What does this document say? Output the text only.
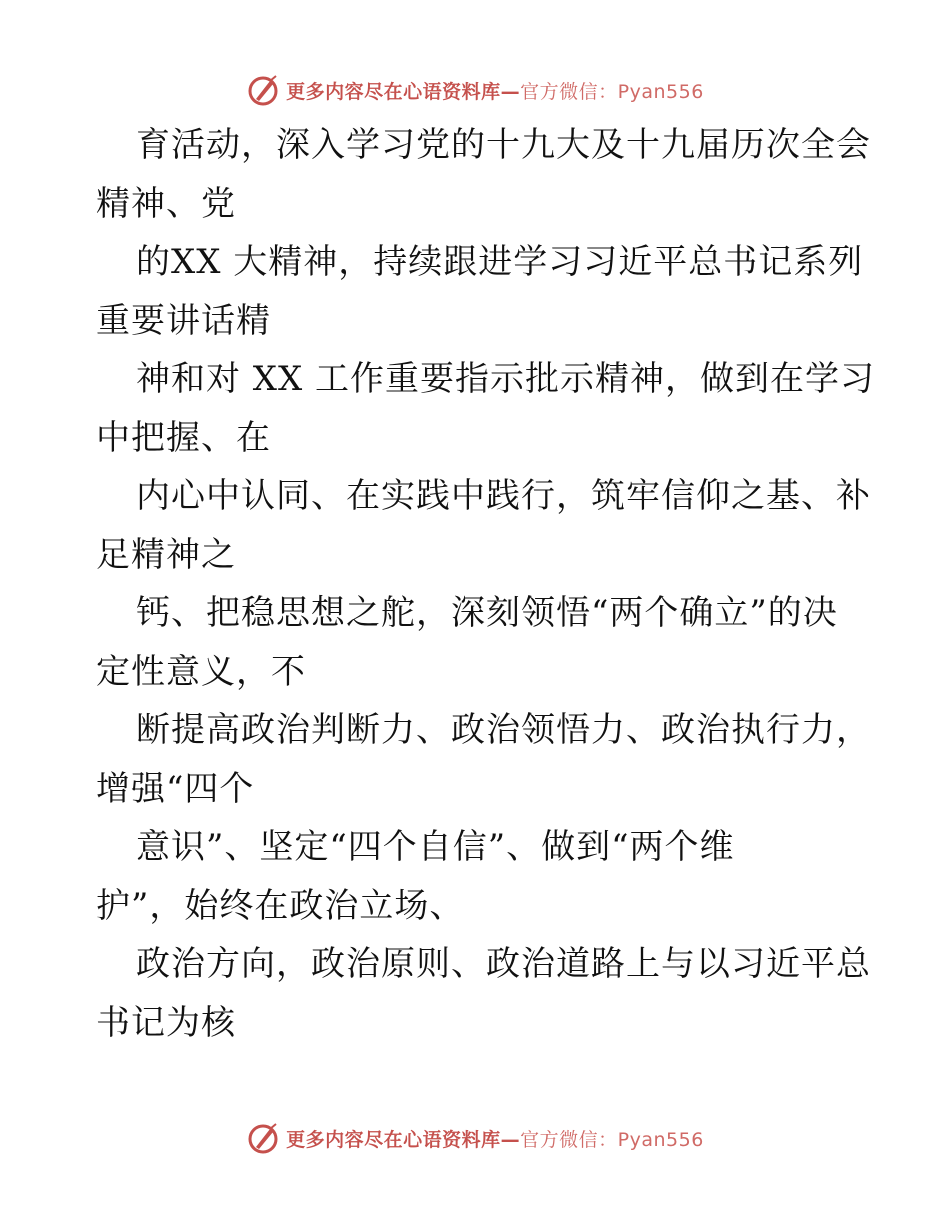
更多内容尽在心语资料库—官方微信：Pyan556
育活动，深入学习党的十九大及十九届历次全会
精神、党
的XX 大精神，持续跟进学习习近平总书记系列
重要讲话精
神和对 XX 工作重要指示批示精神，做到在学习
中把握、在
内心中认同、在实践中践行，筑牢信仰之基、补
足精神之
钙、把稳思想之舵，深刻领悟“两个确立”的决
定性意义，不
断提高政治判断力、政治领悟力、政治执行力，
增强“四个
意识”、坚定“四个自信”、做到“两个维
护”，始终在政治立场、
政治方向，政治原则、政治道路上与以习近平总
书记为核
更多内容尽在心语资料库—官方微信：Pyan556
